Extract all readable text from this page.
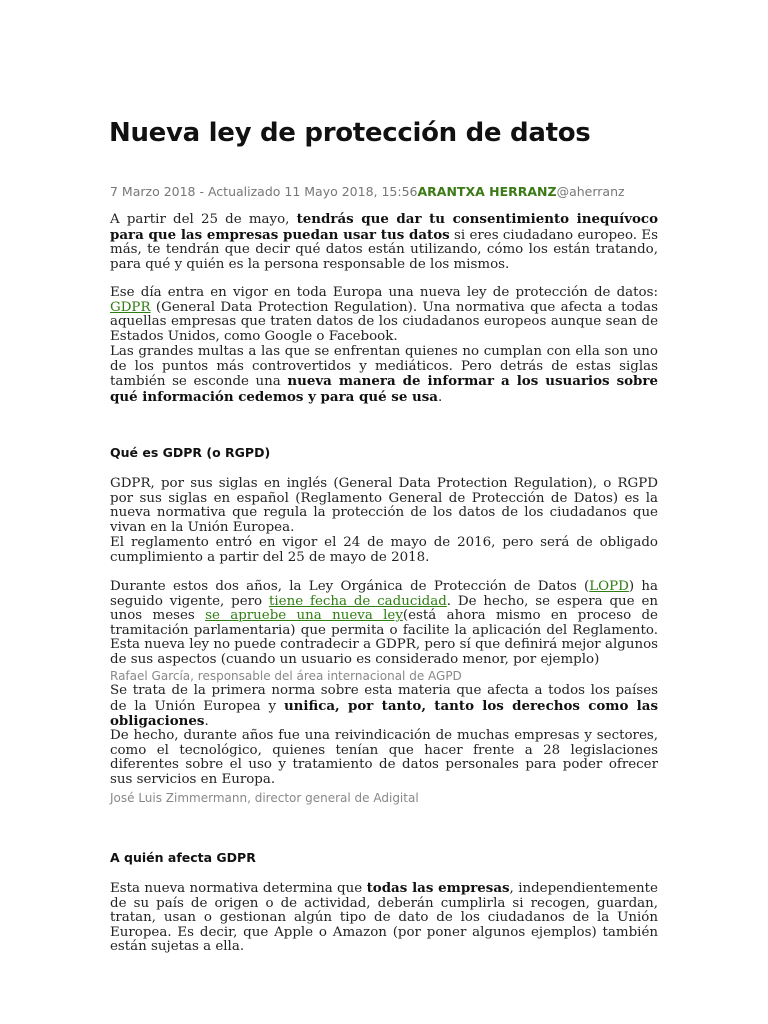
Nueva ley de protección de datos
7 Marzo 2018 - Actualizado 11 Mayo 2018, 15:56ARANTXA HERRANZ@aherranz

A partir del 25 de mayo, tendrás que dar tu consentimiento inequívoco para que las empresas puedan usar tus datos si eres ciudadano europeo. Es más, te tendrán que decir qué datos están utilizando, cómo los están tratando, para qué y quién es la persona responsable de los mismos.

Ese día entra en vigor en toda Europa una nueva ley de protección de datos: GDPR (General Data Protection Regulation). Una normativa que afecta a todas aquellas empresas que traten datos de los ciudadanos europeos aunque sean de Estados Unidos, como Google o Facebook.

Las grandes multas a las que se enfrentan quienes no cumplan con ella son uno de los puntos más controvertidos y mediáticos. Pero detrás de estas siglas también se esconde una nueva manera de informar a los usuarios sobre qué información cedemos y para qué se usa.

Qué es GDPR (o RGPD)

GDPR, por sus siglas en inglés (General Data Protection Regulation), o RGPD por sus siglas en español (Reglamento General de Protección de Datos) es la nueva normativa que regula la protección de los datos de los ciudadanos que vivan en la Unión Europea.

El reglamento entró en vigor el 24 de mayo de 2016, pero será de obligado cumplimiento a partir del 25 de mayo de 2018.

Durante estos dos años, la Ley Orgánica de Protección de Datos (LOPD) ha seguido vigente, pero tiene fecha de caducidad. De hecho, se espera que en unos meses se apruebe una nueva ley(está ahora mismo en proceso de tramitación parlamentaria) que permita o facilite la aplicación del Reglamento. Esta nueva ley no puede contradecir a GDPR, pero sí que definirá mejor algunos de sus aspectos (cuando un usuario es considerado menor, por ejemplo)

Rafael García, responsable del área internacional de AGPD

Se trata de la primera norma sobre esta materia que afecta a todos los países de la Unión Europea y unifica, por tanto, tanto los derechos como las obligaciones.

De hecho, durante años fue una reivindicación de muchas empresas y sectores, como el tecnológico, quienes tenían que hacer frente a 28 legislaciones diferentes sobre el uso y tratamiento de datos personales para poder ofrecer sus servicios en Europa.

José Luis Zimmermann, director general de Adigital
A quién afecta GDPR

Esta nueva normativa determina que todas las empresas, independientemente de su país de origen o de actividad, deberán cumplirla si recogen, guardan, tratan, usan o gestionan algún tipo de dato de los ciudadanos de la Unión Europea. Es decir, que Apple o Amazon (por poner algunos ejemplos) también están sujetas a ella.
